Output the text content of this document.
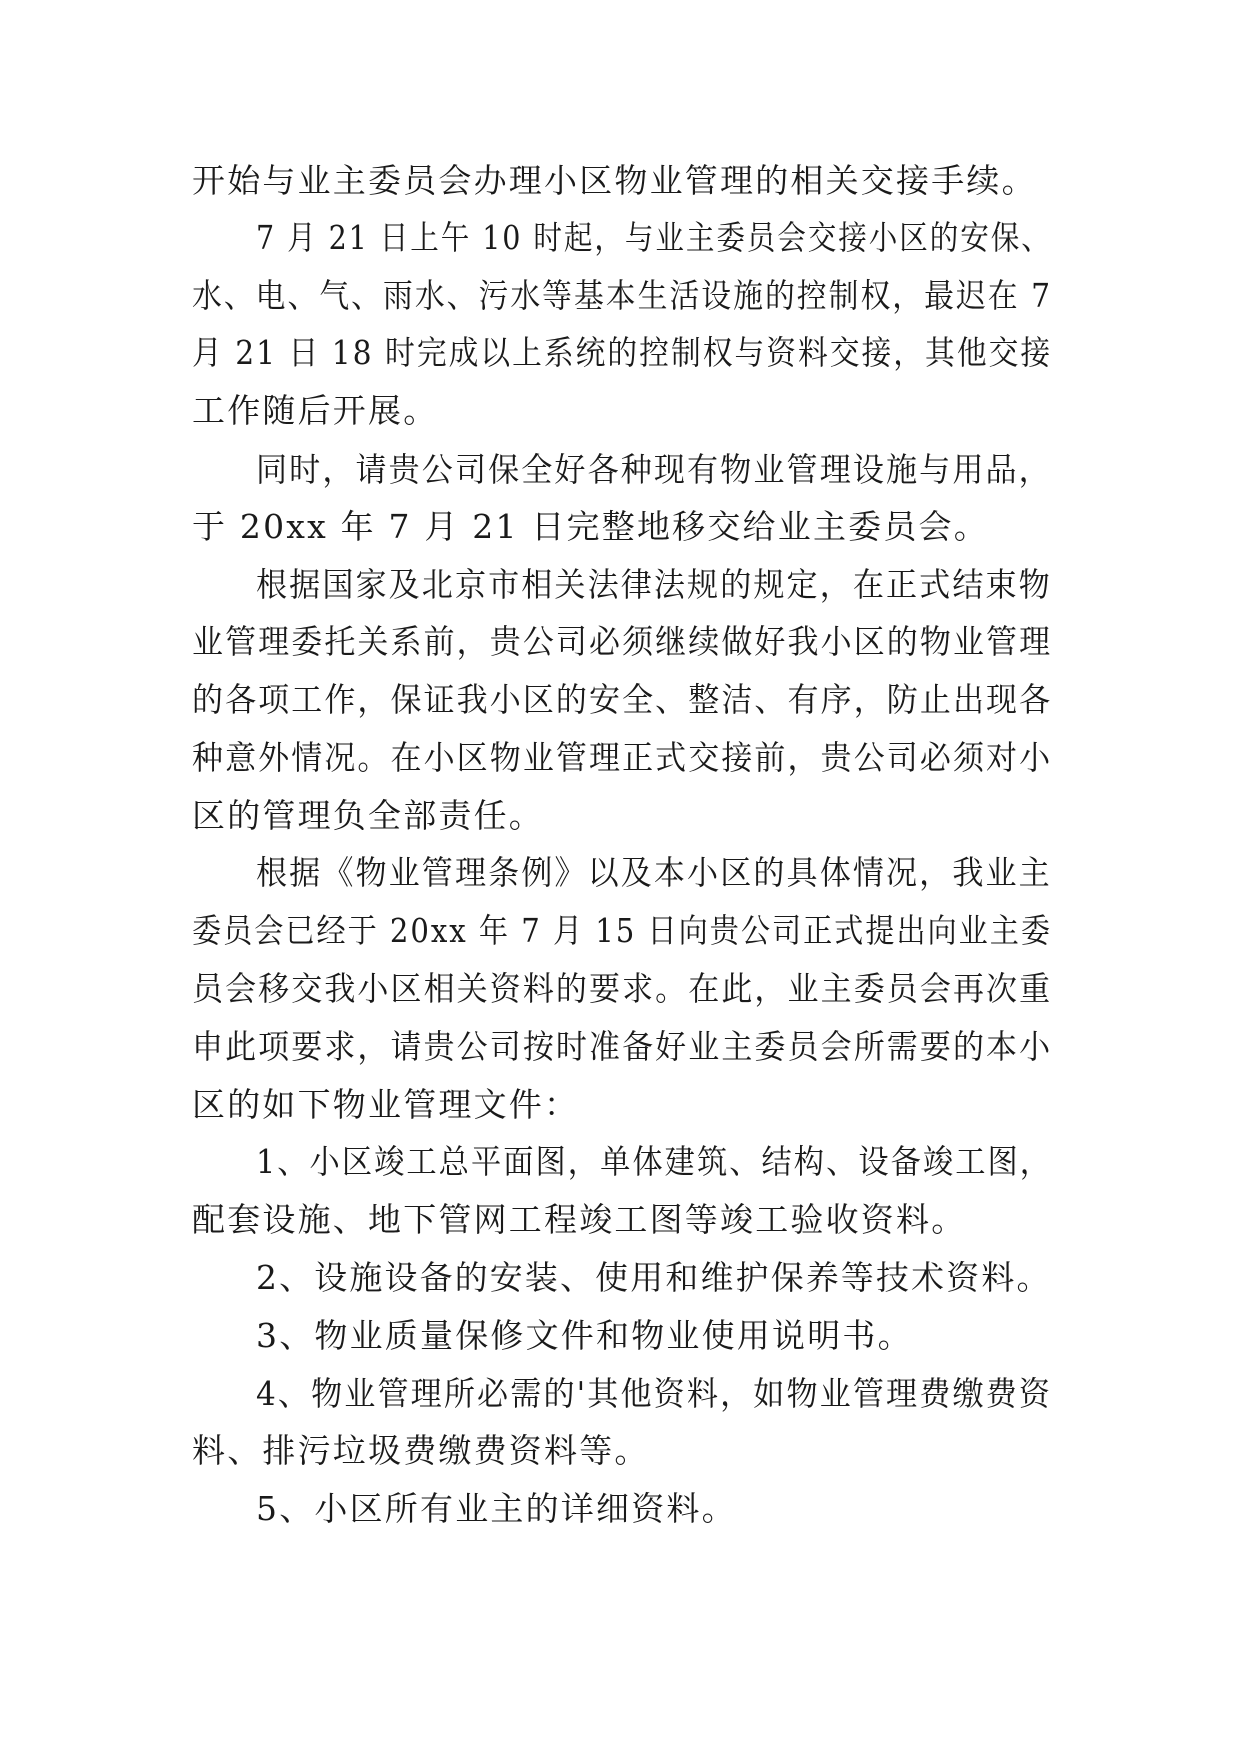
开始与业主委员会办理小区物业管理的相关交接手续。
7 月 21 日上午 10 时起，与业主委员会交接小区的安保、
水、电、气、雨水、污水等基本生活设施的控制权，最迟在 7
月 21 日 18 时完成以上系统的控制权与资料交接，其他交接
工作随后开展。
同时，请贵公司保全好各种现有物业管理设施与用品，
于 20xx 年 7 月 21 日完整地移交给业主委员会。
根据国家及北京市相关法律法规的规定，在正式结束物
业管理委托关系前，贵公司必须继续做好我小区的物业管理
的各项工作，保证我小区的安全、整洁、有序，防止出现各
种意外情况。在小区物业管理正式交接前，贵公司必须对小
区的管理负全部责任。
根据《物业管理条例》以及本小区的具体情况，我业主
委员会已经于 20xx 年 7 月 15 日向贵公司正式提出向业主委
员会移交我小区相关资料的要求。在此，业主委员会再次重
申此项要求，请贵公司按时准备好业主委员会所需要的本小
区的如下物业管理文件：
1、小区竣工总平面图，单体建筑、结构、设备竣工图，
配套设施、地下管网工程竣工图等竣工验收资料。
2、设施设备的安装、使用和维护保养等技术资料。
3、物业质量保修文件和物业使用说明书。
4、物业管理所必需的'其他资料，如物业管理费缴费资
料、排污垃圾费缴费资料等。
5、小区所有业主的详细资料。
